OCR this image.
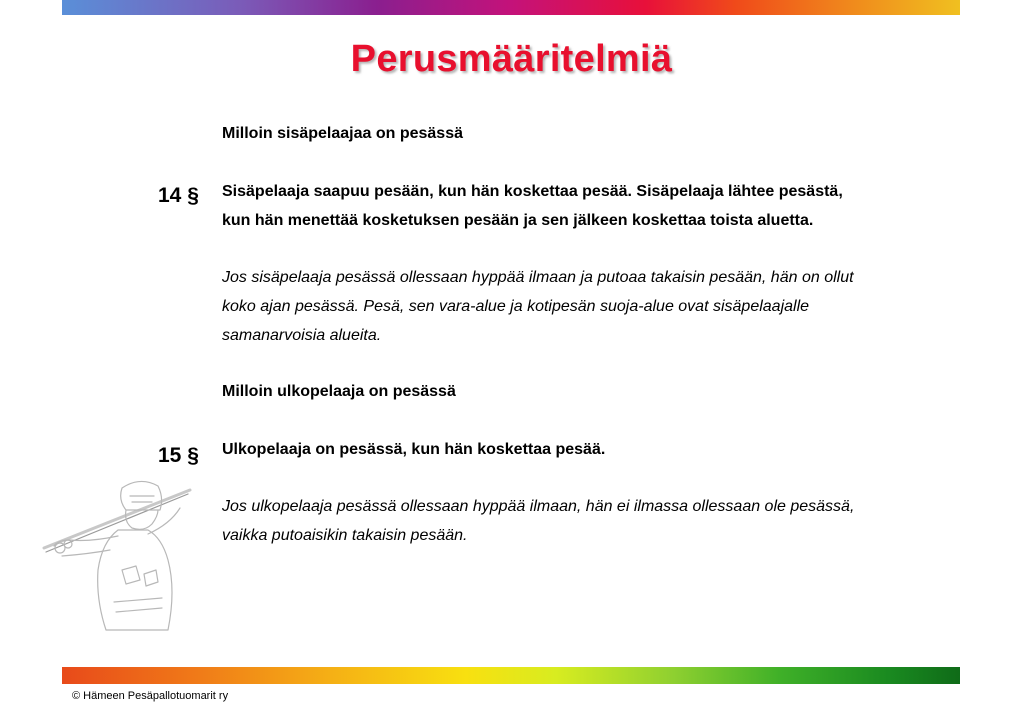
Perusmääritelmiä
Milloin sisäpelaajaa on pesässä
14 § Sisäpelaaja saapuu pesään, kun hän koskettaa pesää. Sisäpelaaja lähtee pesästä,
kun hän menettää kosketuksen pesään ja sen jälkeen koskettaa toista aluetta.
Jos sisäpelaaja pesässä ollessaan hyppää ilmaan ja putoaa takaisin pesään, hän on ollut
koko ajan pesässä. Pesä, sen vara-alue ja kotipesän suoja-alue ovat sisäpelaajalle
samanarvoisia alueita.
Milloin ulkopelaaja on pesässä
15 § Ulkopelaaja on pesässä, kun hän koskettaa pesää.
Jos ulkopelaaja pesässä ollessaan hyppää ilmaan, hän ei ilmassa ollessaan ole pesässä,
vaikka putoaisikin takaisin pesään.
© Hämeen Pesäpallotuomarit ry
